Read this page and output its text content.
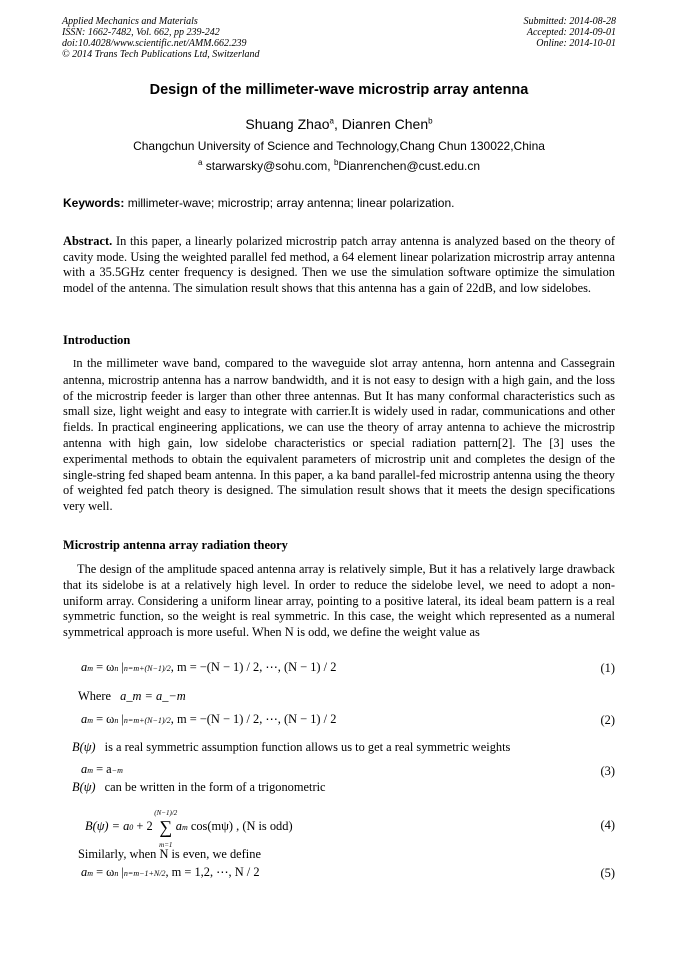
Applied Mechanics and Materials
ISSN: 1662-7482, Vol. 662, pp 239-242
doi:10.4028/www.scientific.net/AMM.662.239
© 2014 Trans Tech Publications Ltd, Switzerland
Submitted: 2014-08-28
Accepted: 2014-09-01
Online: 2014-10-01
Design of the millimeter-wave microstrip array antenna
Shuang Zhao$^a$, Dianren Chen$^b$
Changchun University of Science and Technology,Chang Chun 130022,China
$^a$ starwarsky@sohu.com, $^b$Dianrenchen@cust.edu.cn
Keywords: millimeter-wave; microstrip; array antenna; linear polarization.
Abstract. In this paper, a linearly polarized microstrip patch array antenna is analyzed based on the theory of cavity mode. Using the weighted parallel fed method, a 64 element linear polarization microstrip array antenna with a 35.5GHz center frequency is designed. Then we use the simulation software optimize the simulation model of the antenna. The simulation result shows that this antenna has a gain of 22dB, and low sidelobes.
Introduction
In the millimeter wave band, compared to the waveguide slot array antenna, horn antenna and Cassegrain antenna, microstrip antenna has a narrow bandwidth, and it is not easy to design with a high gain, and the loss of the microstrip feeder is larger than other three antennas. But It has many conformal characteristics such as small size, light weight and easy to integrate with carrier.It is widely used in radar, communications and other fields. In practical engineering applications, we can use the theory of array antenna to achieve the microstrip antenna with high gain, low sidelobe characteristics or special radiation pattern[2]. The [3] uses the experimental methods to obtain the equivalent parameters of microstrip unit and completes the design of the single-string fed shaped beam antenna. In this paper, a ka band parallel-fed microstrip antenna using the theory of weighted fed patch theory is designed. The simulation result shows that it meets the design specifications very well.
Microstrip antenna array radiation theory
The design of the amplitude spaced antenna array is relatively simple, But it has a relatively large drawback that its sidelobe is at a relatively high level. In order to reduce the sidelobe level, we need to adopt a non-uniform array. Considering a uniform linear array, pointing to a positive lateral, its ideal beam pattern is a real symmetric function, so the weight is real symmetric. In this case, the weight which represented as a numeral symmetrical approach is more useful. When N is odd, we define the weight value as
am = ωn |n=m+(N−1)/2, m = −(N − 1) / 2, ⋯, (N − 1) / 2	(1)
Where a_m = a_−m
am = ωn |n=m+(N−1)/2, m = −(N − 1) / 2, ⋯, (N − 1) / 2	(2)
B(ψ) is a real symmetric assumption function allows us to get a real symmetric weights
am = a−m	(3)
B(ψ) can be written in the form of a trigonometric
B(ψ) = a0 + 2 ∑
(N−1)/2
m=1
am cos(mψ) , (N is odd)	(4)
Similarly, when N is even, we define
am = ωn |n=m−1+N/2, m = 1,2, ⋯, N / 2	(5)
